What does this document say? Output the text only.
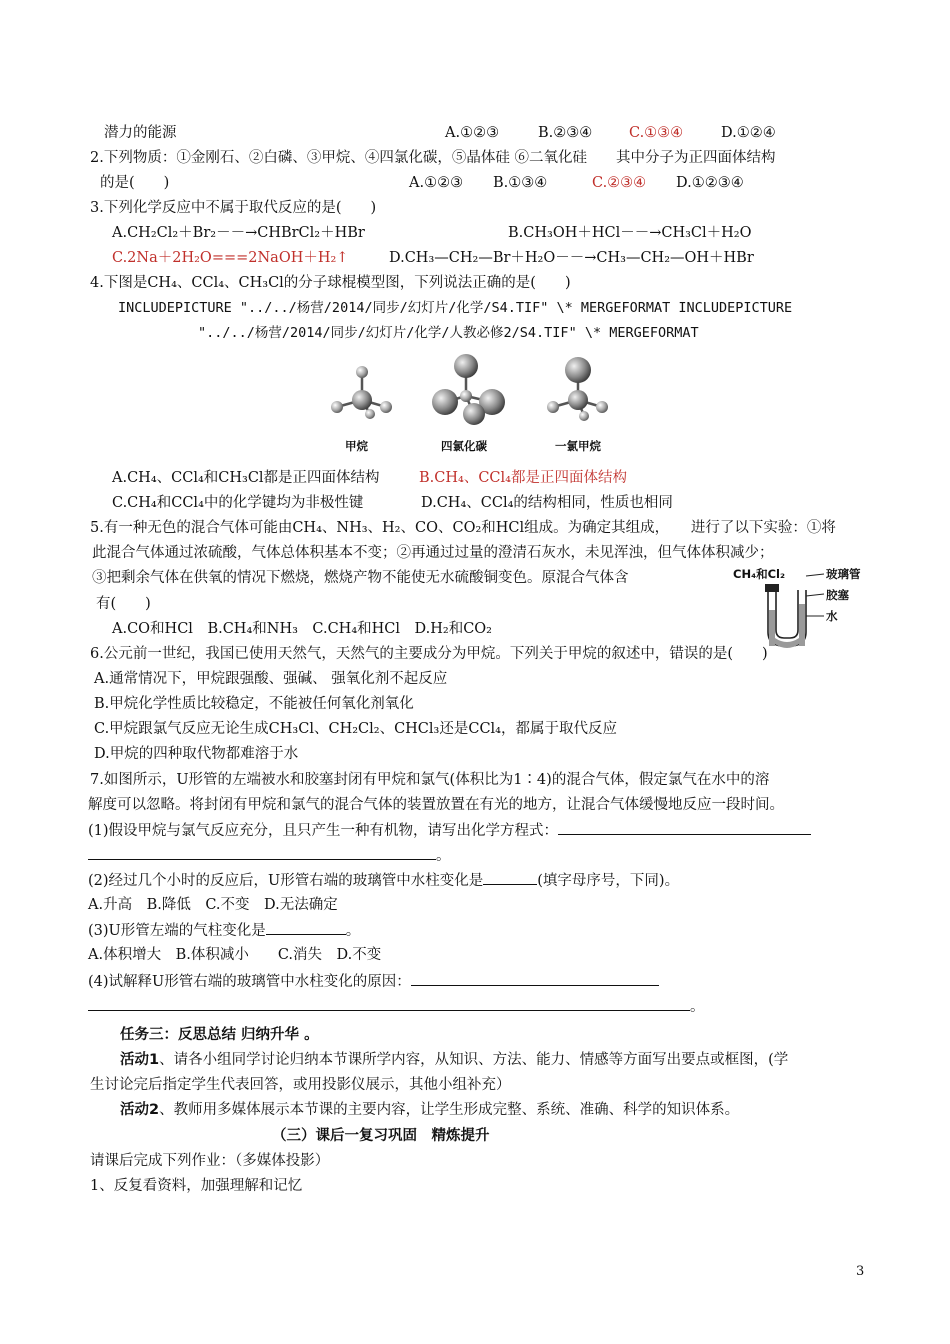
潜力的能源	A.①②③	B.②③④	C.①③④	D.①②④
2.下列物质：①金刚石、②白磷、③甲烷、④四氯化碳，⑤晶体硅 ⑥二氧化硅　　其中分子为正四面体结构
的是(　　)	A.①②③ B.①③④	C.②③④ D.①②③④
3.下列化学反应中不属于取代反应的是(　　)
A.CH₂Cl₂＋Br₂－－→CHBrCl₂＋HBr	B.CH₃OH＋HCl－－→CH₃Cl＋H₂O
C.2Na＋2H₂O===2NaOH＋H₂↑	D.CH₃—CH₂—Br＋H₂O－－→CH₃—CH₂—OH＋HBr
4.下图是CH₄、CCl₄、CH₃Cl的分子球棍模型图，下列说法正确的是(　　)
INCLUDEPICTURE "../../杨营/2014/同步/幻灯片/化学/S4.TIF" \* MERGEFORMAT INCLUDEPICTURE
"../../杨营/2014/同步/幻灯片/化学/人教必修2/S4.TIF" \* MERGEFORMAT
甲烷	四氯化碳	一氯甲烷
A.CH₄、CCl₄和CH₃Cl都是正四面体结构	B.CH₄、CCl₄都是正四面体结构
C.CH₄和CCl₄中的化学键均为非极性键	D.CH₄、CCl₄的结构相同，性质也相同
5.有一种无色的混合气体可能由CH₄、NH₃、H₂、CO、CO₂和HCl组成。为确定其组成，　　进行了以下实验：①将
此混合气体通过浓硫酸，气体总体积基本不变；②再通过过量的澄清石灰水，未见浑浊，但气体体积减少；
③把剩余气体在供氧的情况下燃烧，燃烧产物不能使无水硫酸铜变色。原混合气体含
有(　　)
A.CO和HCl　B.CH₄和NH₃　C.CH₄和HCl　D.H₂和CO₂
CH₄和Cl₂	玻璃管
胶塞
水
6.公元前一世纪，我国已使用天然气，天然气的主要成分为甲烷。下列关于甲烷的叙述中，错误的是(　　)
A.通常情况下，甲烷跟强酸、强碱、 强氧化剂不起反应
B.甲烷化学性质比较稳定，不能被任何氧化剂氧化
C.甲烷跟氯气反应无论生成CH₃Cl、CH₂Cl₂、CHCl₃还是CCl₄，都属于取代反应
D.甲烷的四种取代物都难溶于水
7.如图所示，U形管的左端被水和胶塞封闭有甲烷和氯气(体积比为1∶4)的混合气体，假定氯气在水中的溶
解度可以忽略。将封闭有甲烷和氯气的混合气体的装置放置在有光的地方，让混合气体缓慢地反应一段时间。
(1)假设甲烷与氯气反应充分，且只产生一种有机物，请写出化学方程式：
。
(2)经过几个小时的反应后，U形管右端的玻璃管中水柱变化是	(填字母序号，下同)。
A.升高　B.降低　C.不变　D.无法确定
(3)U形管左端的气柱变化是	。
A.体积增大　B.体积减小　　C.消失　D.不变
(4)试解释U形管右端的玻璃管中水柱变化的原因：
。
任务三：反思总结 归纳升华 。
活动1、请各小组同学讨论归纳本节课所学内容，从知识、方法、能力、情感等方面写出要点或框图，(学
生讨论完后指定学生代表回答，或用投影仪展示，其他小组补充）
活动2、教师用多媒体展示本节课的主要内容，让学生形成完整、系统、准确、科学的知识体系。
（三）课后一复习巩固　精炼提升
请课后完成下列作业：（多媒体投影）
1、反复看资料，加强理解和记忆
3
